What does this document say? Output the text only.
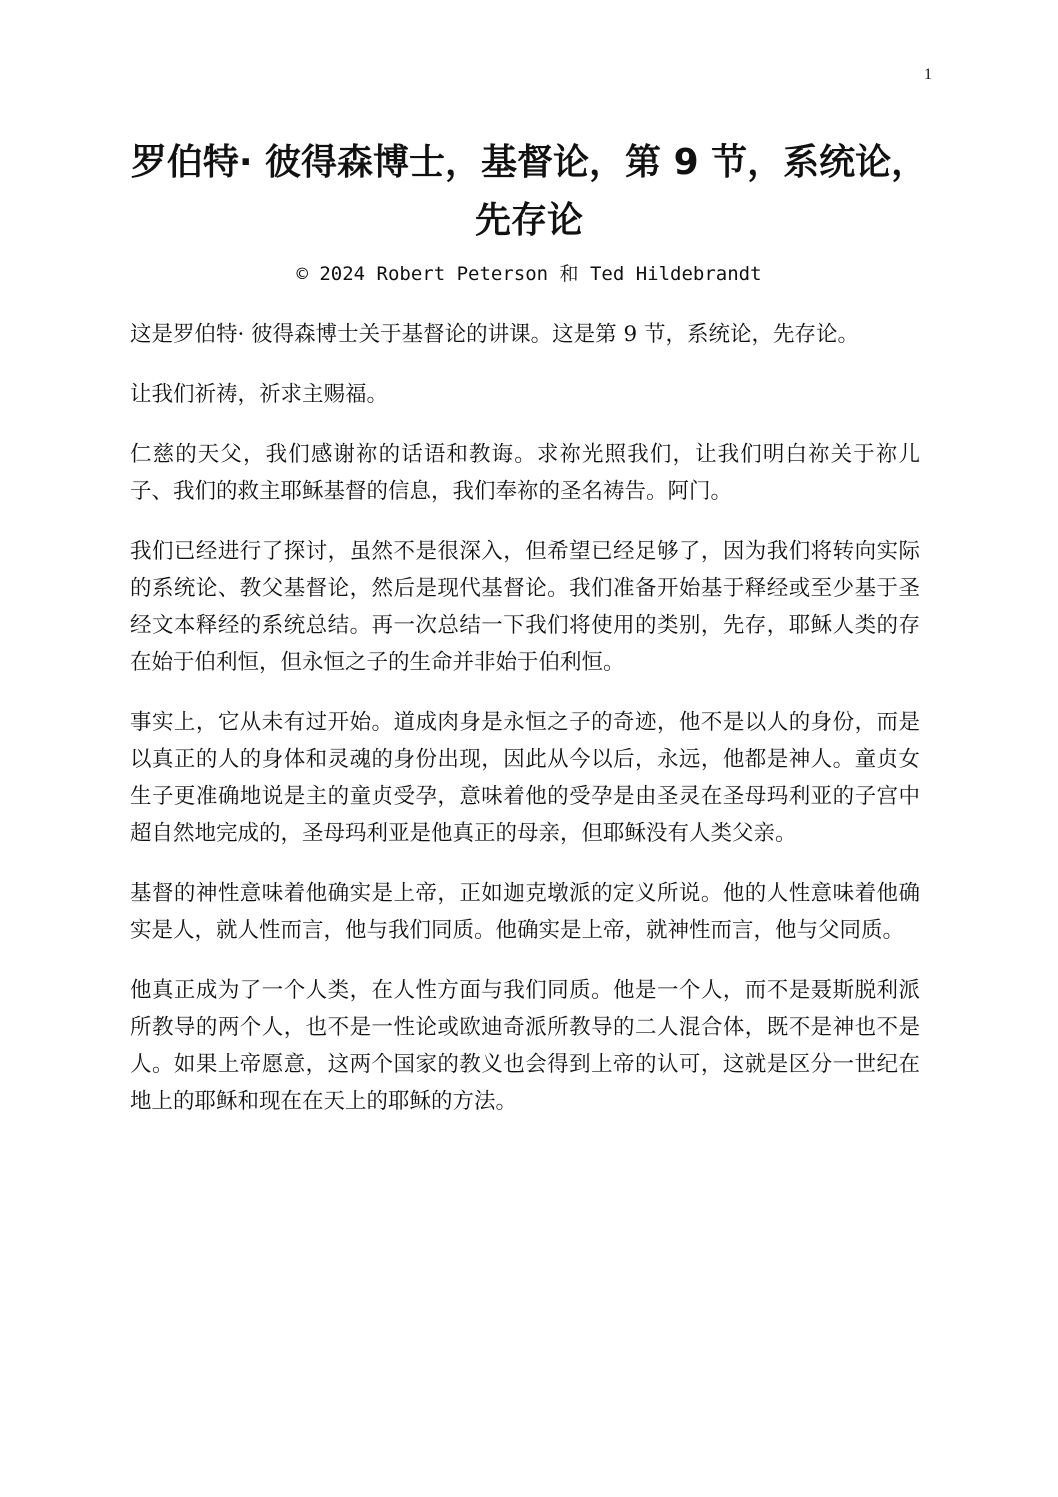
1
罗伯特· 彼得森博士，基督论，第 9 节，系统论，先存论
© 2024 Robert Peterson 和 Ted Hildebrandt

这是罗伯特· 彼得森博士关于基督论的讲课。这是第 9 节，系统论，先存论。

让我们祈祷，祈求主赐福。

仁慈的天父，我们感谢祢的话语和教诲。求祢光照我们，让我们明白祢关于祢儿子、我们的救主耶稣基督的信息，我们奉祢的圣名祷告。阿门。

我们已经进行了探讨，虽然不是很深入，但希望已经足够了，因为我们将转向实际的系统论、教父基督论，然后是现代基督论。我们准备开始基于释经或至少基于圣经文本释经的系统总结。再一次总结一下我们将使用的类别，先存，耶稣人类的存在始于伯利恒，但永恒之子的生命并非始于伯利恒。

事实上，它从未有过开始。道成肉身是永恒之子的奇迹，他不是以人的身份，而是以真正的人的身体和灵魂的身份出现，因此从今以后，永远，他都是神人。童贞女生子更准确地说是主的童贞受孕，意味着他的受孕是由圣灵在圣母玛利亚的子宫中超自然地完成的，圣母玛利亚是他真正的母亲，但耶稣没有人类父亲。

基督的神性意味着他确实是上帝，正如迦克墩派的定义所说。他的人性意味着他确实是人，就人性而言，他与我们同质。他确实是上帝，就神性而言，他与父同质。

他真正成为了一个人类，在人性方面与我们同质。他是一个人，而不是聂斯脱利派所教导的两个人，也不是一性论或欧迪奇派所教导的二人混合体，既不是神也不是人。如果上帝愿意，这两个国家的教义也会得到上帝的认可，这就是区分一世纪在地上的耶稣和现在在天上的耶稣的方法。
